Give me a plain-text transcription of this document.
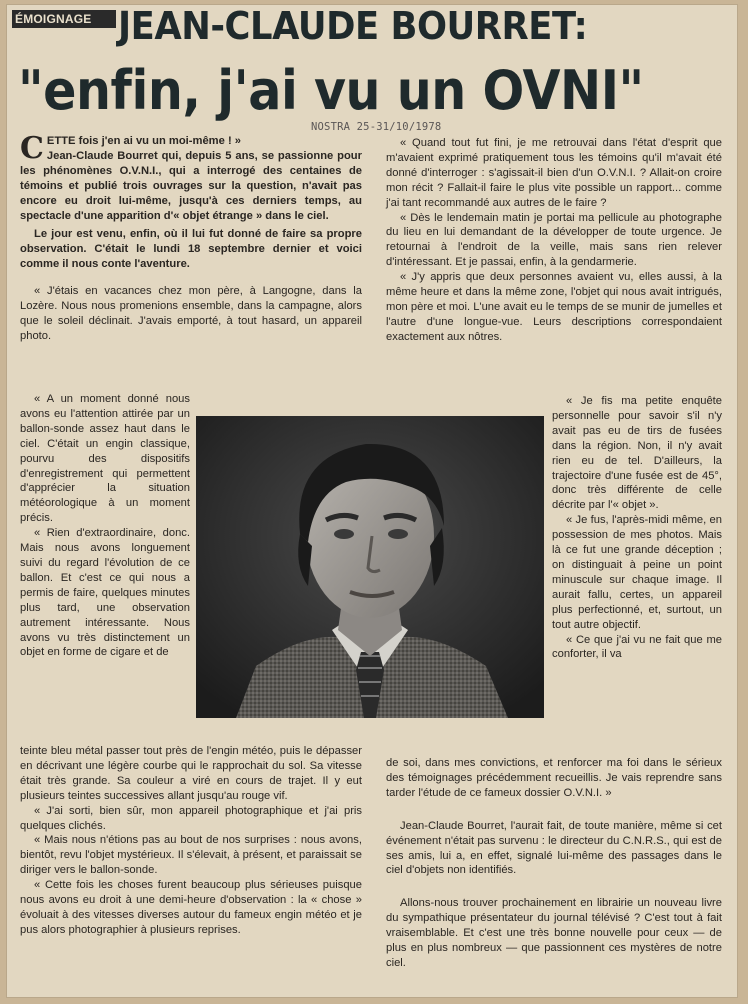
ÉMOIGNAGE JEAN-CLAUDE BOURRET:
"enfin, j'ai vu un OVNI"
NOSTRA 25-31/10/1978

CETTE fois j'en ai vu un moi-même ! »
Jean-Claude Bourret qui, depuis 5 ans, se passionne pour les phénomènes O.V.N.I., qui a interrogé des centaines de témoins et publié trois ouvrages sur la question, n'avait pas encore eu droit lui-même, jusqu'à ces derniers temps, au spectacle d'une apparition d'« objet étrange » dans le ciel.

Le jour est venu, enfin, où il lui fut donné de faire sa propre observation. C'était le lundi 18 septembre dernier et voici comme il nous conte l'aventure.

« J'étais en vacances chez mon père, à Langogne, dans la Lozère. Nous nous promenions ensemble, dans la campagne, alors que le soleil déclinait. J'avais emporté, à tout hasard, un appareil photo.

« A un moment donné nous avons eu l'attention attirée par un ballon-sonde assez haut dans le ciel. C'était un engin classique, pourvu des dispositifs d'enregistrement qui permettent d'apprécier la situation météorologique à un moment précis.

« Rien d'extraordinaire, donc. Mais nous avons longuement suivi du regard l'évolution de ce ballon. Et c'est ce qui nous a permis de faire, quelques minutes plus tard, une observation autrement intéressante. Nous avons vu très distinctement un objet en forme de cigare et de

teinte bleu métal passer tout près de l'engin météo, puis le dépasser en décrivant une légère courbe qui le rapprochait du sol. Sa vitesse était très grande. Sa couleur a viré en cours de trajet. Il y eut plusieurs teintes successives allant jusqu'au rouge vif.

« J'ai sorti, bien sûr, mon appareil photographique et j'ai pris quelques clichés.

« Mais nous n'étions pas au bout de nos surprises : nous avons, bientôt, revu l'objet mystérieux. Il s'élevait, à présent, et paraissait se diriger vers le ballon-sonde.

« Cette fois les choses furent beaucoup plus sérieuses puisque nous avons eu droit à une demi-heure d'observation : la « chose » évoluait à des vitesses diverses autour du fameux engin météo et je pus alors photographier à plusieurs reprises.

« Quand tout fut fini, je me retrouvai dans l'état d'esprit que m'avaient exprimé pratiquement tous les témoins qu'il m'avait été donné d'interroger : s'agissait-il bien d'un O.V.N.I. ? Allait-on croire mon récit ? Fallait-il faire le plus vite possible un rapport... comme j'ai tant recommandé aux autres de le faire ?

« Dès le lendemain matin je portai ma pellicule au photographe du lieu en lui demandant de la développer de toute urgence. Je retournai à l'endroit de la veille, mais sans rien relever d'intéressant. Et je passai, enfin, à la gendarmerie.

« J'y appris que deux personnes avaient vu, elles aussi, à la même heure et dans la même zone, l'objet qui nous avait intrigués, mon père et moi. L'une avait eu le temps de se munir de jumelles et l'autre d'une longue-vue. Leurs descriptions correspondaient exactement aux nôtres.

« Je fis ma petite enquête personnelle pour savoir s'il n'y avait pas eu de tirs de fusées dans la région. Non, il n'y avait rien eu de tel. D'ailleurs, la trajectoire d'une fusée est de 45°, donc très différente de celle décrite par l'« objet ».

« Je fus, l'après-midi même, en possession de mes photos. Mais là ce fut une grande déception ; on distinguait à peine un point minuscule sur chaque image. Il aurait fallu, certes, un appareil plus perfectionné, et, surtout, un tout autre objectif.

« Ce que j'ai vu ne fait que me conforter, il va

de soi, dans mes convictions, et renforcer ma foi dans le sérieux des témoignages précédemment recueillis. Je vais reprendre sans tarder l'étude de ce fameux dossier O.V.N.I. »

Jean-Claude Bourret, l'aurait fait, de toute manière, même si cet événement n'était pas survenu : le directeur du C.N.R.S., qui est de ses amis, lui a, en effet, signalé lui-même des passages dans le ciel d'objets non identifiés.

Allons-nous trouver prochainement en librairie un nouveau livre du sympathique présentateur du journal télévisé ? C'est tout à fait vraisemblable. Et c'est une très bonne nouvelle pour ceux — de plus en plus nombreux — que passionnent ces mystères de notre ciel.
